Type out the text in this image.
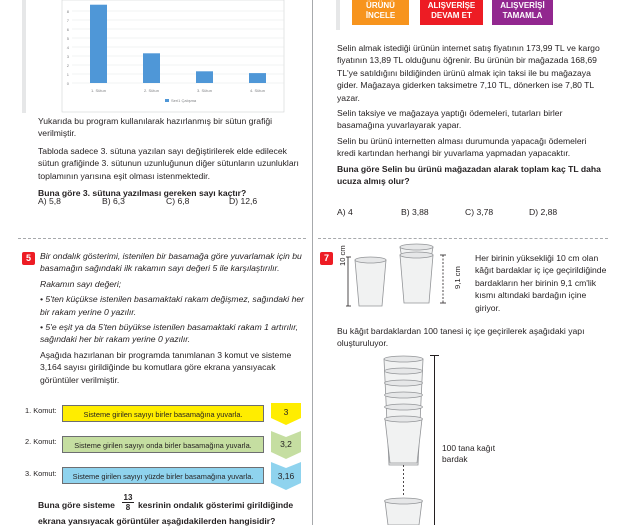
8
7
6
5
4
3
2
1
0
1. Sütun	2. Sütun	3. Sütun	4. Sütun
Seri1 Çalışma

Yukarıda bu program kullanılarak hazırlanmış bir sütun grafiği verilmiştir.

Tabloda sadece 3. sütuna yazılan sayı değiştirilerek elde edilecek sütun grafiğinde 3. sütunun uzunluğunun diğer sütunların uzunlukları toplamının yarısına eşit olması istenmektedir.

Buna göre 3. sütuna yazılması gereken sayı kaçtır?

A) 5,8	B) 6,3	C) 6,8	D) 12,6
5	Bir ondalık gösterimi, istenilen bir basamağa göre yuvarlamak için bu basamağın sağındaki ilk rakamın sayı değeri 5 ile karşılaştırılır.

Rakamın sayı değeri;

• 5'ten küçükse istenilen basamaktaki rakam değişmez, sağındaki her bir rakam yerine 0 yazılır.

• 5'e eşit ya da 5'ten büyükse istenilen basamaktaki rakam 1 artırılır, sağındaki her bir rakam yerine 0 yazılır.

Aşağıda hazırlanan bir programda tanımlanan 3 komut ve sisteme 3,164 sayısı girildiğinde bu komutlara göre ekrana yansıyacak görüntüler verilmiştir.

1. Komut:	Sisteme girilen sayıyı birler basamağına yuvarla.	3
2. Komut:	Sisteme girilen sayıyı onda birler basamağına yuvarla.	3,2
3. Komut:	Sisteme girilen sayıyı yüzde birler basamağına yuvarla.	3,16
Buna göre sisteme $\frac{13}{8}$ kesrinin ondalık gösterimi girildiğinde
ekrana yansıyacak görüntüler aşağıdakilerden hangisidir?
ÜRÜNÜ İNCELE
ALIŞVERİŞE DEVAM ET
ALIŞVERİŞİ TAMAMLA

Selin almak istediği ürünün internet satış fiyatının 173,99 TL ve kargo fiyatının 13,89 TL olduğunu öğrenir. Bu ürünün bir mağazada 168,69 TL'ye satıldığını bildiğinden ürünü almak için taksi ile bu mağazaya gider. Mağazaya giderken taksimetre 7,10 TL, dönerken ise 7,80 TL yazar.

Selin taksiye ve mağazaya yaptığı ödemeleri, tutarları birler basamağına yuvarlayarak yapar.

Selin bu ürünü internetten alması durumunda yapacağı ödemeleri kredi kartından herhangi bir yuvarlama yapmadan yapacaktır.

Buna göre Selin bu ürünü mağazadan alarak toplam kaç TL daha ucuza almış olur?

A) 4	B) 3,88	C) 3,78	D) 2,88
7	10 cm
9,1 cm

Her birinin yüksekliği 10 cm olan kâğıt bardaklar iç içe geçirildiğinde bardakların her birinin 9,1 cm'lik kısmı altındaki bardağın içine giriyor.

Bu kâğıt bardaklardan 100 tanesi iç içe geçirilerek aşağıdaki yapı oluşturuluyor.

100 tana kağıt bardak
